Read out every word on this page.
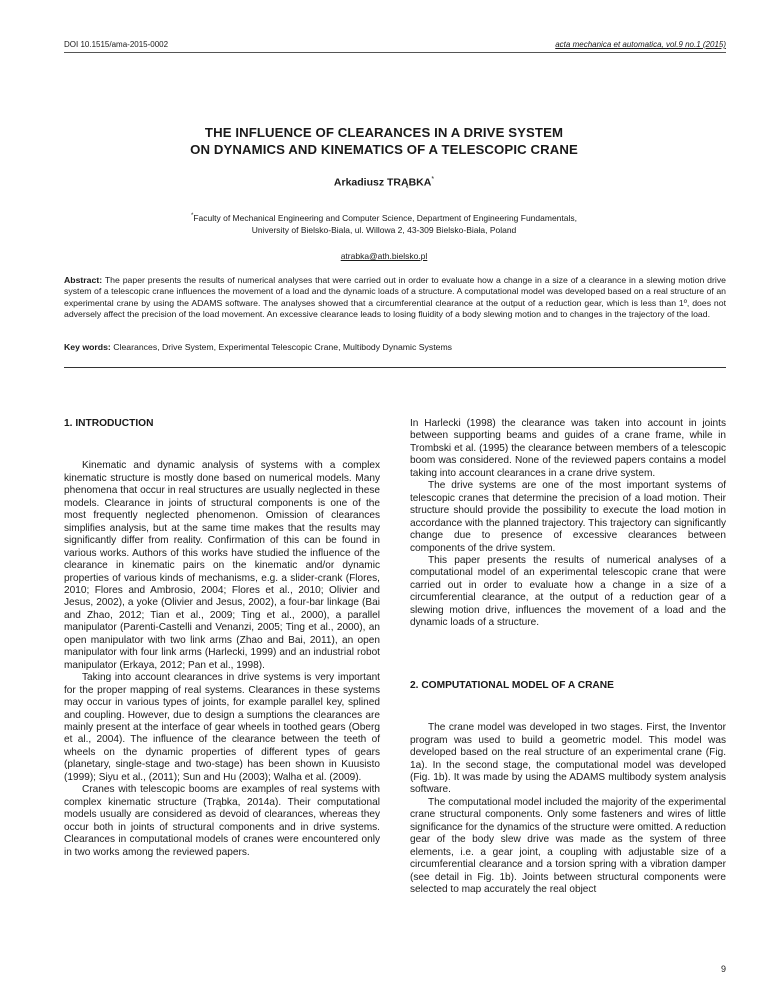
DOI 10.1515/ama-2015-0002	acta mechanica et automatica, vol.9 no.1 (2015)
THE INFLUENCE OF CLEARANCES IN A DRIVE SYSTEM
ON DYNAMICS AND KINEMATICS OF A TELESCOPIC CRANE
Arkadiusz TRĄBKA*
*Faculty of Mechanical Engineering and Computer Science, Department of Engineering Fundamentals,
University of Bielsko-Biala, ul. Willowa 2, 43-309 Bielsko-Biała, Poland
atrabka@ath.bielsko.pl
Abstract: The paper presents the results of numerical analyses that were carried out in order to evaluate how a change in a size of a clearance in a slewing motion drive system of a telescopic crane influences the movement of a load and the dynamic loads of a structure. A computational model was developed based on a real structure of an experimental crane by using the ADAMS software. The analyses showed that a circumferential clearance at the output of a reduction gear, which is less than 1º, does not adversely affect the precision of the load movement. An excessive clearance leads to losing fluidity of a body slewing motion and to changes in the trajectory of the load.
Key words: Clearances, Drive System, Experimental Telescopic Crane, Multibody Dynamic Systems
1. INTRODUCTION

Kinematic and dynamic analysis of systems with a complex kinematic structure is mostly done based on numerical models. Many phenomena that occur in real structures are usually neglected in these models. Clearance in joints of structural components is one of the most frequently neglected phenomenon. Omission of clearances simplifies analysis, but at the same time makes that the results may significantly differ from reality. Confirmation of this can be found in various works. Authors of this works have studied the influence of the clearance in kinematic pairs on the kinematic and/or dynamic properties of various kinds of mechanisms, e.g. a slider-crank (Flores, 2010; Flores and Ambrosio, 2004; Flores et al., 2010; Olivier and Jesus, 2002), a yoke (Olivier and Jesus, 2002), a four-bar linkage (Bai and Zhao, 2012; Tian et al., 2009; Ting et al., 2000), a parallel manipulator (Parenti-Castelli and Venanzi, 2005; Ting et al., 2000), an open manipulator with two link arms (Zhao and Bai, 2011), an open manipulator with four link arms (Harlecki, 1999) and an industrial robot manipulator (Erkaya, 2012; Pan et al., 1998).

Taking into account clearances in drive systems is very important for the proper mapping of real systems. Clearances in these systems may occur in various types of joints, for example parallel key, splined and coupling. However, due to design a sumptions the clearances are mainly present at the interface of gear wheels in toothed gears (Oberg et al., 2004). The influence of the clearance between the teeth of wheels on the dynamic properties of different types of gears (planetary, single-stage and two-stage) has been shown in Kuusisto (1999); Siyu et al., (2011); Sun and Hu (2003); Walha et al. (2009).

Cranes with telescopic booms are examples of real systems with complex kinematic structure (Trąbka, 2014a). Their computational models usually are considered as devoid of clearances, whereas they occur both in joints of structural components and in drive systems. Clearances in computational models of cranes were encountered only in two works among the reviewed papers.

In Harlecki (1998) the clearance was taken into account in joints between supporting beams and guides of a crane frame, while in Trombski et al. (1995) the clearance between members of a telescopic boom was considered. None of the reviewed papers contains a model taking into account clearances in a crane drive system.

The drive systems are one of the most important systems of telescopic cranes that determine the precision of a load motion. Their structure should provide the possibility to execute the load motion in accordance with the planned trajectory. This trajectory can significantly change due to presence of excessive clearances between components of the drive system.

This paper presents the results of numerical analyses of a computational model of an experimental telescopic crane that were carried out in order to evaluate how a change in a size of a circumferential clearance, at the output of a reduction gear of a slewing motion drive, influences the movement of a load and the dynamic loads of a structure.

2. COMPUTATIONAL MODEL OF A CRANE

The crane model was developed in two stages. First, the Inventor program was used to build a geometric model. This model was developed based on the real structure of an experimental crane (Fig. 1a). In the second stage, the computational model was developed (Fig. 1b). It was made by using the ADAMS multibody system analysis software.

The computational model included the majority of the experimental crane structural components. Only some fasteners and wires of little significance for the dynamics of the structure were omitted. A reduction gear of the body slew drive was made as the system of three elements, i.e. a gear joint, a coupling with adjustable size of a circumferential clearance and a torsion spring with a vibration damper (see detail in Fig. 1b). Joints between structural components were selected to map accurately the real object

9
